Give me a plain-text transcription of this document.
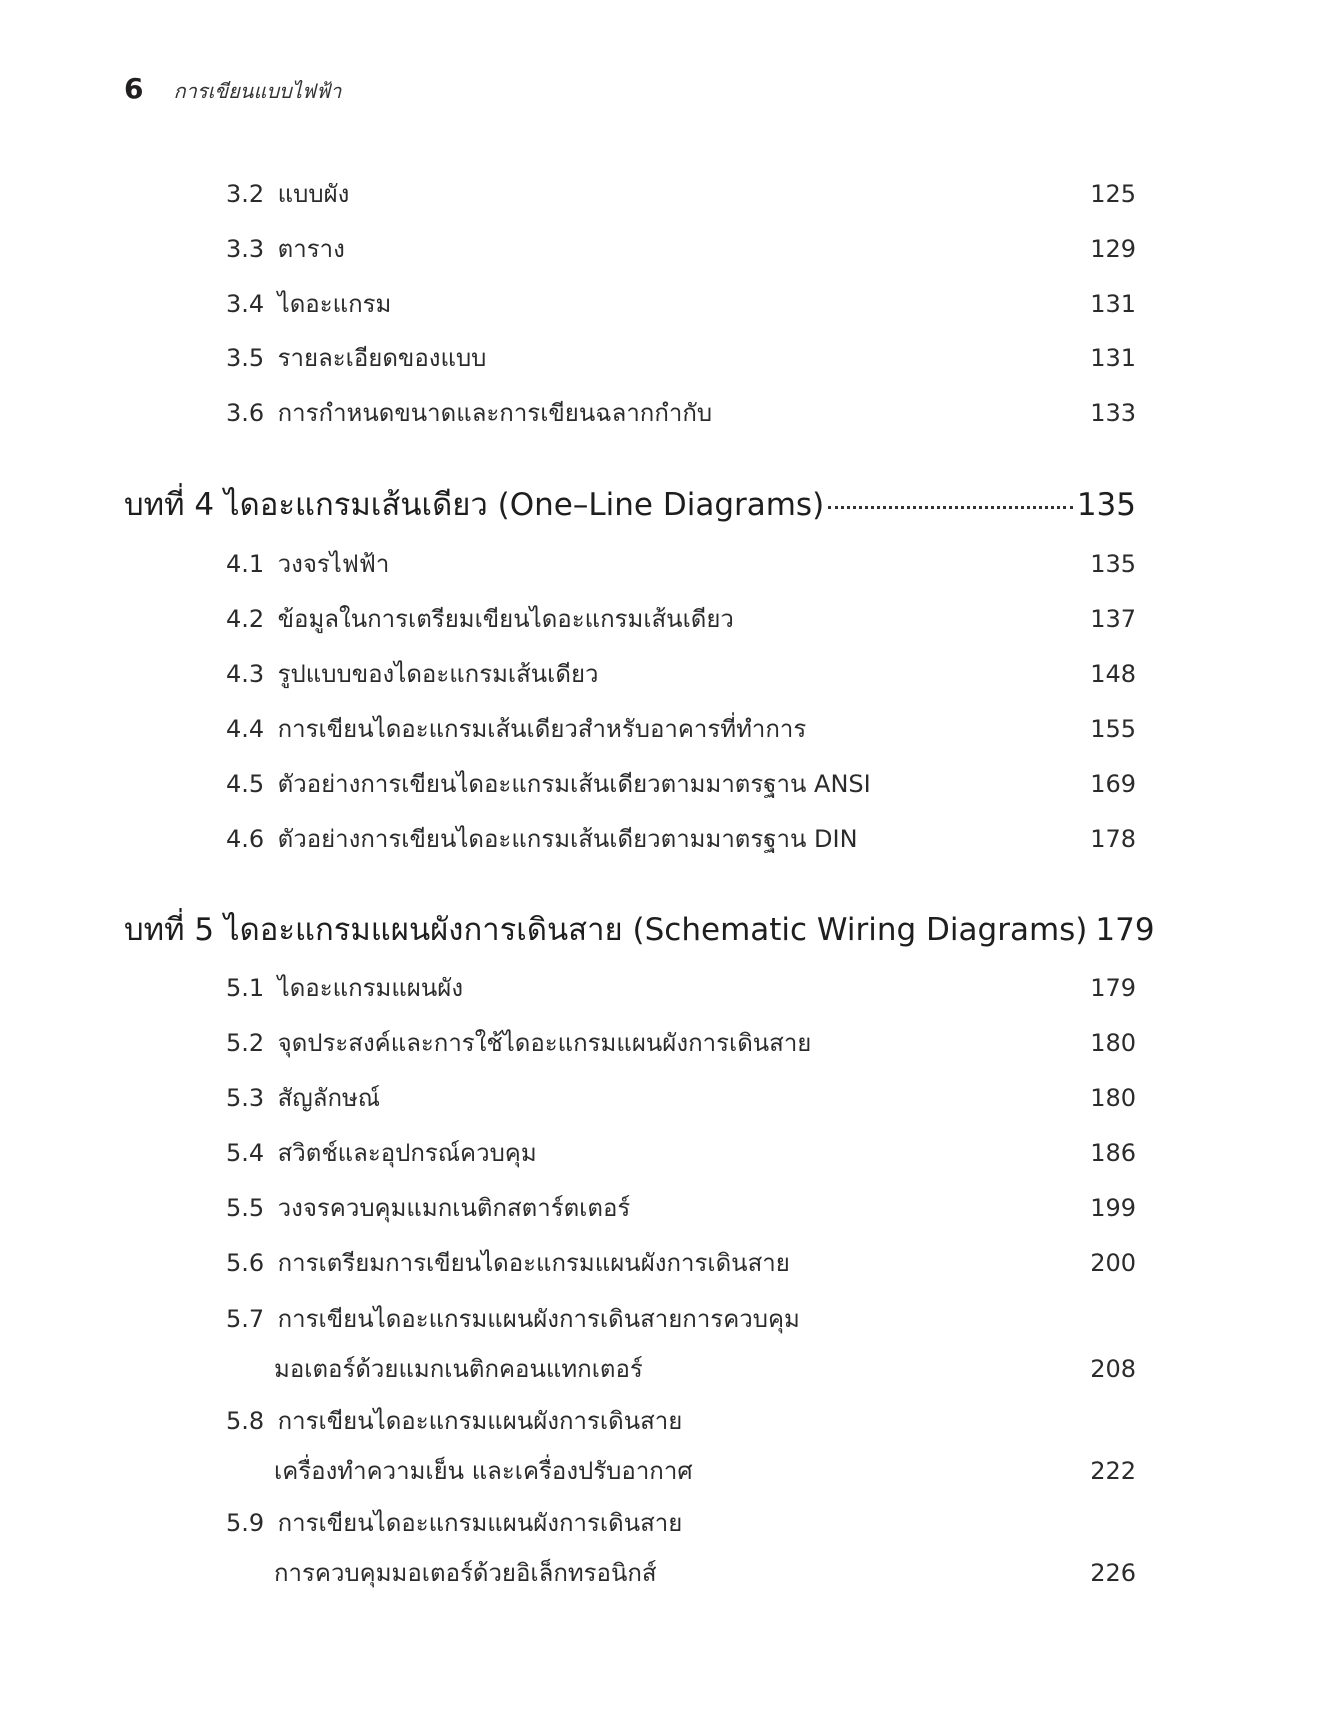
6 การเขียนแบบไฟฟ้า
3.2 แบบผัง	125
3.3 ตาราง	129
3.4 ไดอะแกรม	131
3.5 รายละเอียดของแบบ	131
3.6 การกำหนดขนาดและการเขียนฉลากกำกับ	133
บทที่ 4 ไดอะแกรมเส้นเดียว (One–Line Diagrams)	135
4.1 วงจรไฟฟ้า	135
4.2 ข้อมูลในการเตรียมเขียนไดอะแกรมเส้นเดียว	137
4.3 รูปแบบของไดอะแกรมเส้นเดียว	148
4.4 การเขียนไดอะแกรมเส้นเดียวสำหรับอาคารที่ทำการ	155
4.5 ตัวอย่างการเขียนไดอะแกรมเส้นเดียวตามมาตรฐาน ANSI	169
4.6 ตัวอย่างการเขียนไดอะแกรมเส้นเดียวตามมาตรฐาน DIN	178
บทที่ 5 ไดอะแกรมแผนผังการเดินสาย (Schematic Wiring Diagrams) 179
5.1 ไดอะแกรมแผนผัง	179
5.2 จุดประสงค์และการใช้ไดอะแกรมแผนผังการเดินสาย	180
5.3 สัญลักษณ์	180
5.4 สวิตช์และอุปกรณ์ควบคุม	186
5.5 วงจรควบคุมแมกเนติกสตาร์ตเตอร์	199
5.6 การเตรียมการเขียนไดอะแกรมแผนผังการเดินสาย	200
5.7 การเขียนไดอะแกรมแผนผังการเดินสายการควบคุม
มอเตอร์ด้วยแมกเนติกคอนแทกเตอร์	208
5.8 การเขียนไดอะแกรมแผนผังการเดินสาย
เครื่องทำความเย็น และเครื่องปรับอากาศ	222
5.9 การเขียนไดอะแกรมแผนผังการเดินสาย
การควบคุมมอเตอร์ด้วยอิเล็กทรอนิกส์	226
